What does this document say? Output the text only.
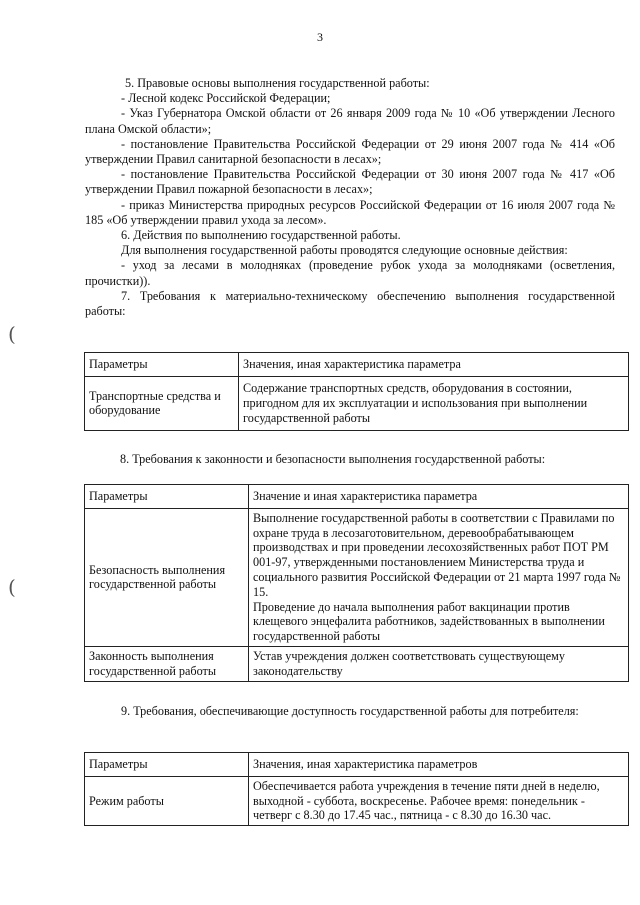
3

5. Правовые основы выполнения государственной работы:

- Лесной кодекс Российской Федерации;

- Указ Губернатора Омской области от 26 января 2009 года № 10 «Об утверждении Лесного плана Омской области»;

- постановление Правительства Российской Федерации от 29 июня 2007 года № 414 «Об утверждении Правил санитарной безопасности в лесах»;

- постановление Правительства Российской Федерации от 30 июня 2007 года № 417 «Об утверждении Правил пожарной безопасности в лесах»;

- приказ Министерства природных ресурсов Российской Федерации от 16 июля 2007 года № 185 «Об утверждении правил ухода за лесом».

6. Действия по выполнению государственной работы.

Для выполнения государственной работы проводятся следующие основные действия:

- уход за лесами в молодняках (проведение рубок ухода за молодняками (осветления, прочистки)).

7. Требования к материально-техническому обеспечению выполнения государственной работы:

Параметры	Значения, иная характеристика параметра
Транспортные средства и оборудование	Содержание транспортных средств, оборудования в состоянии, пригодном для их эксплуатации и использования при выполнении государственной работы

8. Требования к законности и безопасности выполнения государственной работы:

Параметры	Значение и иная характеристика параметра
Безопасность выполнения государственной работы	Выполнение государственной работы в соответствии с Правилами по охране труда в лесозаготовительном, деревообрабатывающем производствах и при проведении лесохозяйственных работ ПОТ РМ 001-97, утвержденными постановлением Министерства труда и социального развития Российской Федерации от 21 марта 1997 года № 15.
Проведение до начала выполнения работ вакцинации против клещевого энцефалита работников, задействованных в выполнении государственной работы

Законность выполнения государственной работы	Устав учреждения должен соответствовать существующему законодательству

9. Требования, обеспечивающие доступность государственной работы для потребителя:

Параметры	Значения, иная характеристика параметров
Режим работы	Обеспечивается работа учреждения в течение пяти дней в неделю, выходной - суббота, воскресенье. Рабочее время: понедельник - четверг с 8.30 до 17.45 час., пятница - с 8.30 до 16.30 час.
(
(
